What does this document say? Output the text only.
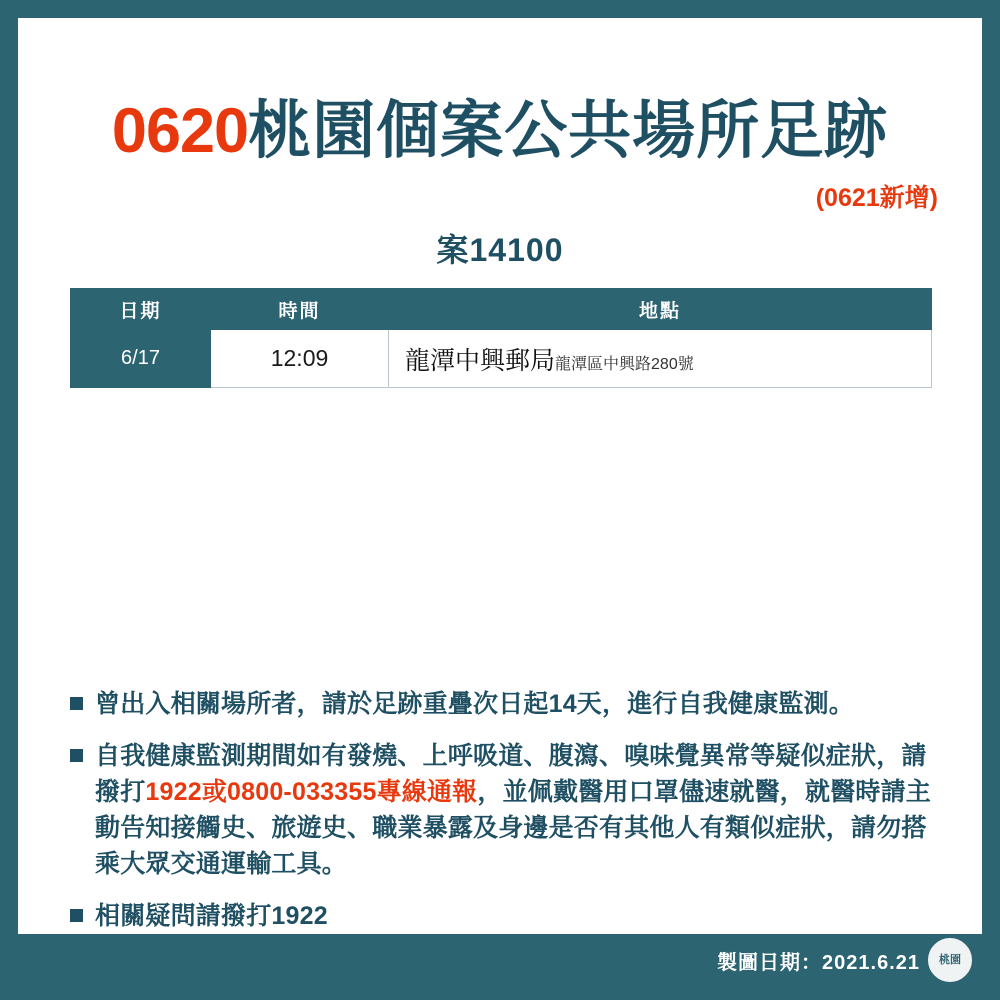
0620桃園個案公共場所足跡
(0621新增)
案14100
日期	時間	地點
6/17	12:09	龍潭中興郵局龍潭區中興路280號
曾出入相關場所者，請於足跡重疊次日起14天，進行自我健康監測。
自我健康監測期間如有發燒、上呼吸道、腹瀉、嗅味覺異常等疑似症狀，請撥打1922或0800-033355專線通報，並佩戴醫用口罩儘速就醫，就醫時請主動告知接觸史、旅遊史、職業暴露及身邊是否有其他人有類似症狀，請勿搭乘大眾交通運輸工具。
相關疑問請撥打1922
製圖日期：2021.6.21	桃園
